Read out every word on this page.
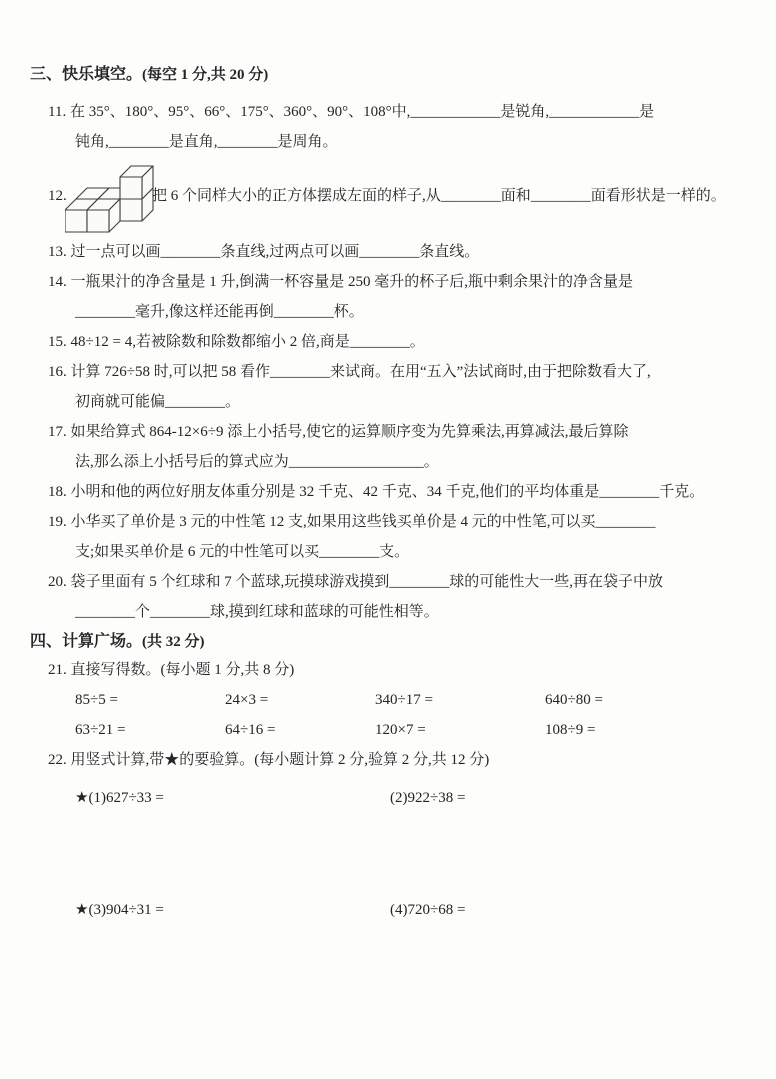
三、快乐填空。(每空 1 分,共 20 分)
11. 在 35°、180°、95°、66°、175°、360°、90°、108°中,____________是锐角,____________是
钝角,________是直角,________是周角。
12.	把 6 个同样大小的正方体摆成左面的样子,从________面和________面看形状是一样的。
13. 过一点可以画________条直线,过两点可以画________条直线。
14. 一瓶果汁的净含量是 1 升,倒满一杯容量是 250 毫升的杯子后,瓶中剩余果汁的净含量是
________毫升,像这样还能再倒________杯。
15. 48÷12 = 4,若被除数和除数都缩小 2 倍,商是________。
16. 计算 726÷58 时,可以把 58 看作________来试商。在用“五入”法试商时,由于把除数看大了,
初商就可能偏________。
17. 如果给算式 864-12×6÷9 添上小括号,使它的运算顺序变为先算乘法,再算减法,最后算除
法,那么添上小括号后的算式应为__________________。
18. 小明和他的两位好朋友体重分别是 32 千克、42 千克、34 千克,他们的平均体重是________千克。
19. 小华买了单价是 3 元的中性笔 12 支,如果用这些钱买单价是 4 元的中性笔,可以买________
支;如果买单价是 6 元的中性笔可以买________支。
20. 袋子里面有 5 个红球和 7 个蓝球,玩摸球游戏摸到________球的可能性大一些,再在袋子中放
________个________球,摸到红球和蓝球的可能性相等。
四、计算广场。(共 32 分)
21. 直接写得数。(每小题 1 分,共 8 分)
85÷5 =	24×3 =	340÷17 =	640÷80 =
63÷21 =	64÷16 =	120×7 =	108÷9 =
22. 用竖式计算,带★的要验算。(每小题计算 2 分,验算 2 分,共 12 分)
★(1)627÷33 =	(2)922÷38 =
★(3)904÷31 =	(4)720÷68 =
